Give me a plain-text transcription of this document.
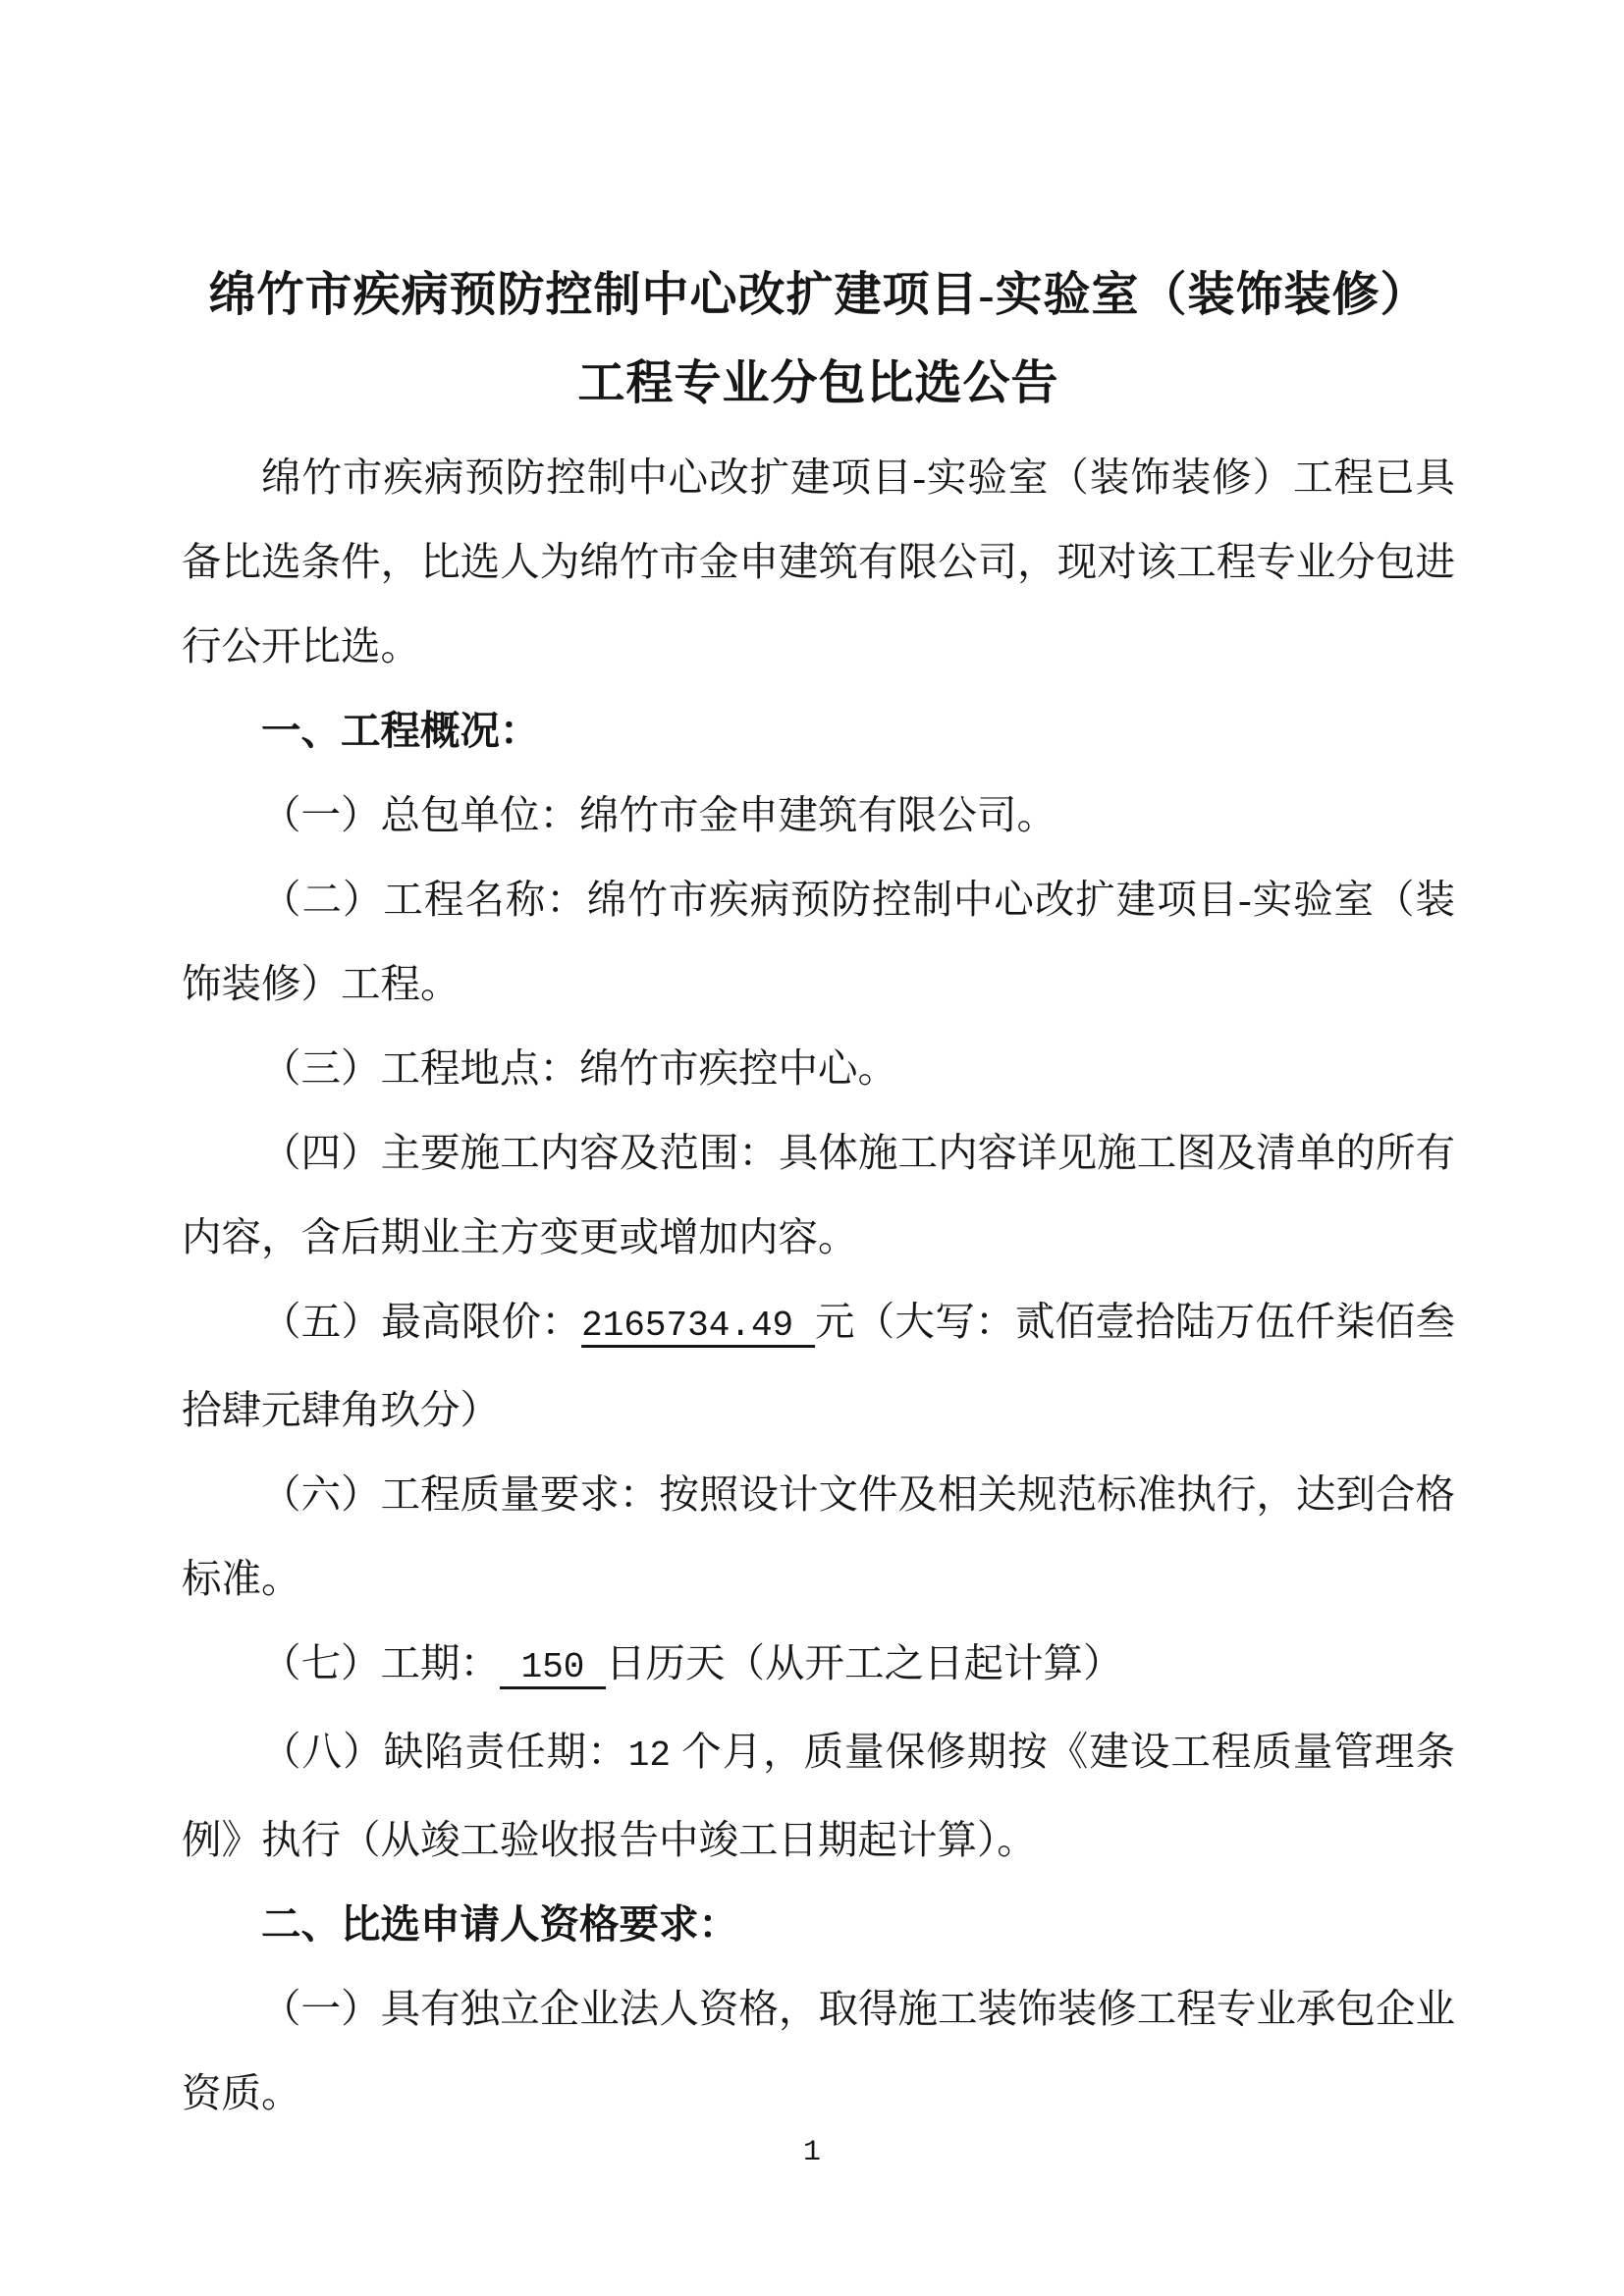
绵竹市疾病预防控制中心改扩建项目-实验室（装饰装修）
工程专业分包比选公告

绵竹市疾病预防控制中心改扩建项目-实验室（装饰装修）工程已具备比选条件，比选人为绵竹市金申建筑有限公司，现对该工程专业分包进行公开比选。

一、工程概况：

（一）总包单位：绵竹市金申建筑有限公司。

（二）工程名称：绵竹市疾病预防控制中心改扩建项目-实验室（装饰装修）工程。

（三）工程地点：绵竹市疾控中心。

（四）主要施工内容及范围：具体施工内容详见施工图及清单的所有内容，含后期业主方变更或增加内容。

（五）最高限价：2165734.49 元（大写：贰佰壹拾陆万伍仟柒佰叁拾肆元肆角玖分）

（六）工程质量要求：按照设计文件及相关规范标准执行，达到合格标准。

（七）工期： 150 日历天（从开工之日起计算）

（八）缺陷责任期：12 个月，质量保修期按《建设工程质量管理条例》执行（从竣工验收报告中竣工日期起计算）。

二、比选申请人资格要求：

（一）具有独立企业法人资格，取得施工装饰装修工程专业承包企业资质。

1
